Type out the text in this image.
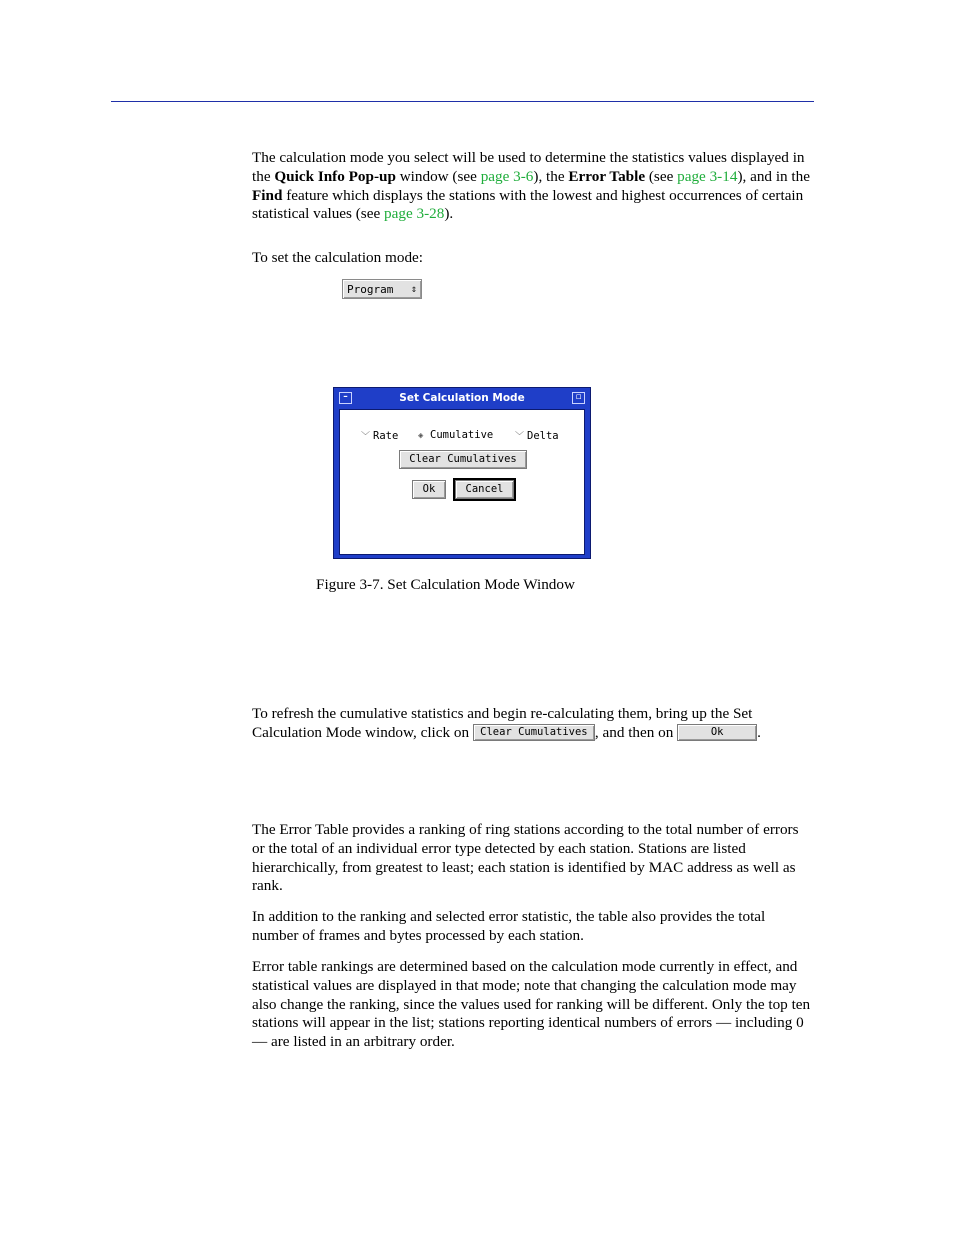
The calculation mode you select will be used to determine the statistics values displayed in the Quick Info Pop-up window (see page 3-6), the Error Table (see page 3-14), and in the Find feature which displays the stations with the lowest and highest occurrences of certain statistical values (see page 3-28).

To set the calculation mode:

Program ⇕
–	Set Calculation Mode	▫
﹀ Rate ◈ Cumulative ﹀ Delta
Clear Cumulatives
Ok	Cancel
Figure 3-7. Set Calculation Mode Window

To refresh the cumulative statistics and begin re-calculating them, bring up the Set Calculation Mode window, click on Clear Cumulatives , and then on	Ok .

The Error Table provides a ranking of ring stations according to the total number of errors or the total of an individual error type detected by each station. Stations are listed hierarchically, from greatest to least; each station is identified by MAC address as well as rank.

In addition to the ranking and selected error statistic, the table also provides the total number of frames and bytes processed by each station.

Error table rankings are determined based on the calculation mode currently in effect, and statistical values are displayed in that mode; note that changing the calculation mode may also change the ranking, since the values used for ranking will be different. Only the top ten stations will appear in the list; stations reporting identical numbers of errors — including 0 — are listed in an arbitrary order.
